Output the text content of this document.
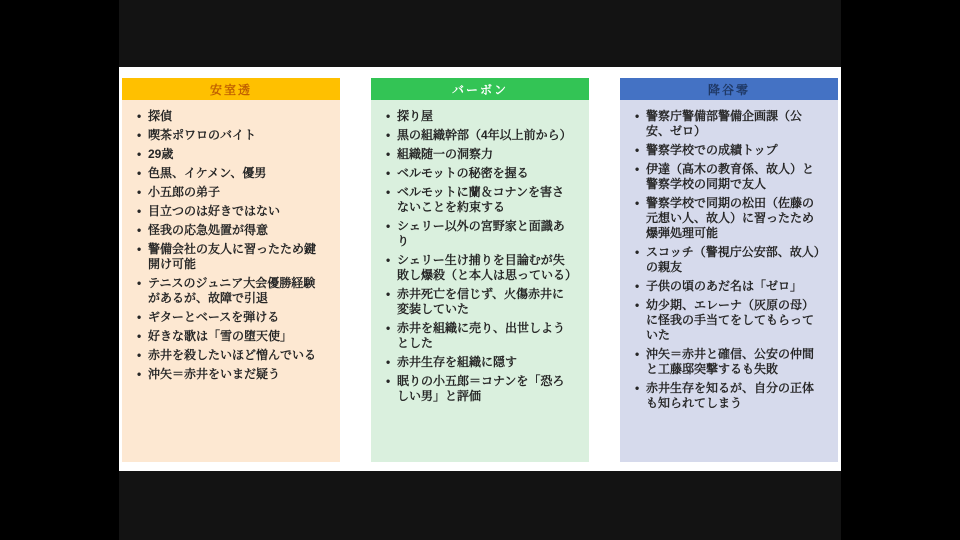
安室透
• 探偵
• 喫茶ポワロのバイト
• 29歳
• 色黒、イケメン、優男
• 小五郎の弟子
• 目立つのは好きではない
• 怪我の応急処置が得意
• 警備会社の友人に習ったため鍵開け可能
• テニスのジュニア大会優勝経験があるが、故障で引退
• ギターとベースを弾ける
• 好きな歌は「雪の堕天使」
• 赤井を殺したいほど憎んでいる
• 沖矢＝赤井をいまだ疑う
バーボン
• 探り屋
• 黒の組織幹部（4年以上前から）
• 組織随一の洞察力
• ベルモットの秘密を握る
• ベルモットに蘭＆コナンを害さないことを約束する
• シェリー以外の宮野家と面識あり
• シェリー生け捕りを目論むが失敗し爆殺（と本人は思っている）
• 赤井死亡を信じず、火傷赤井に変装していた
• 赤井を組織に売り、出世しようとした
• 赤井生存を組織に隠す
• 眠りの小五郎＝コナンを「恐ろしい男」と評価
降谷零
• 警察庁警備部警備企画課（公安、ゼロ）
• 警察学校での成績トップ
• 伊達（高木の教育係、故人）と警察学校の同期で友人
• 警察学校で同期の松田（佐藤の元想い人、故人）に習ったため爆弾処理可能
• スコッチ（警視庁公安部、故人）の親友
• 子供の頃のあだ名は「ゼロ」
• 幼少期、エレーナ（灰原の母）に怪我の手当てをしてもらっていた
• 沖矢＝赤井と確信、公安の仲間と工藤邸突撃するも失敗
• 赤井生存を知るが、自分の正体も知られてしまう
